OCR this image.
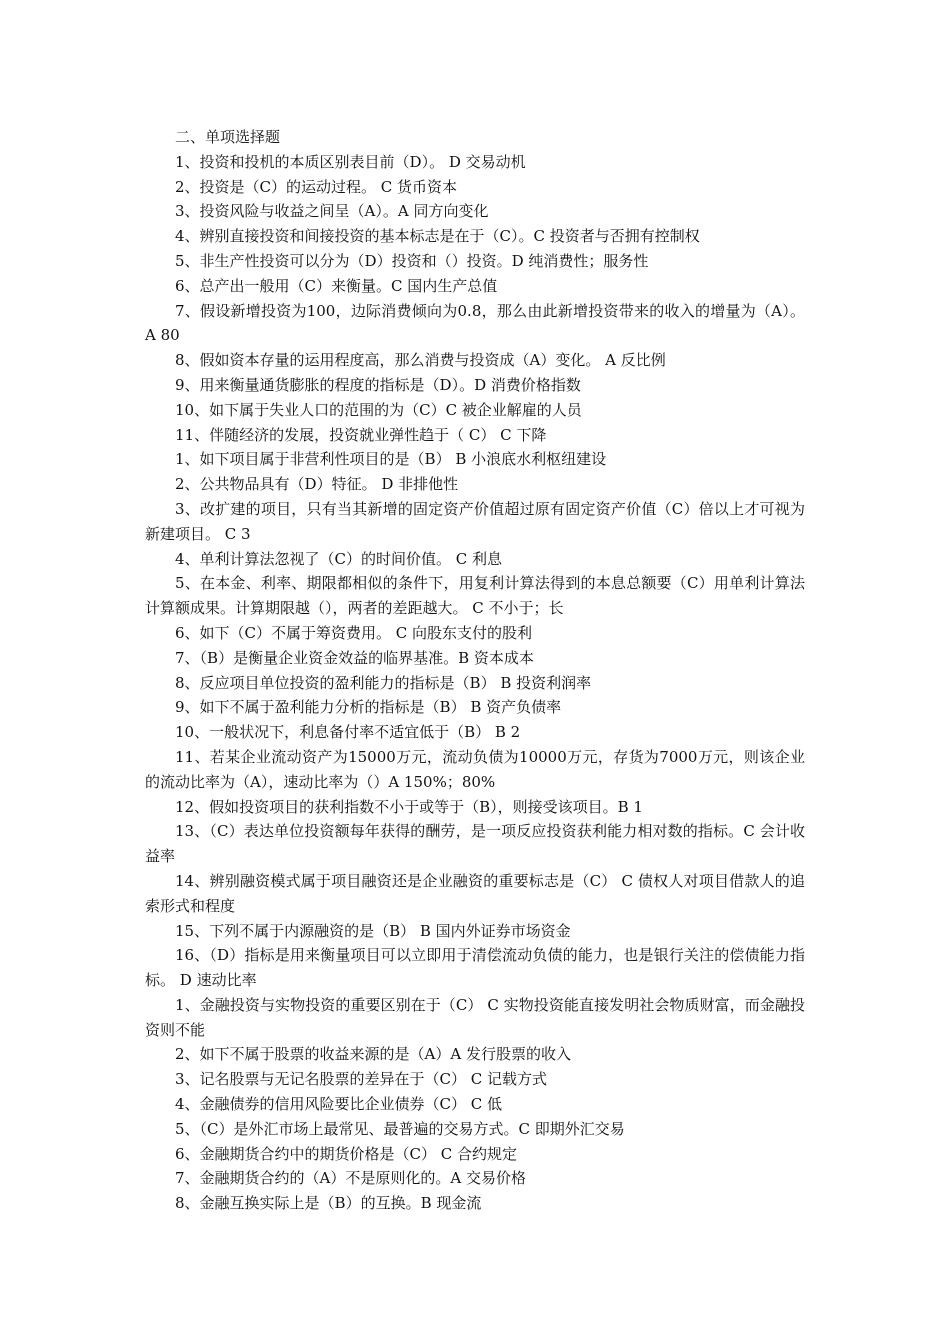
二、单项选择题

1、投资和投机的本质区别表目前（D）。 D 交易动机

2、投资是（C）的运动过程。 C 货币资本

3、投资风险与收益之间呈（A）。A 同方向变化

4、辨别直接投资和间接投资的基本标志是在于（C）。C 投资者与否拥有控制权

5、非生产性投资可以分为（D）投资和（）投资。D 纯消费性；服务性

6、总产出一般用（C）来衡量。C 国内生产总值

7、假设新增投资为100，边际消费倾向为0.8，那么由此新增投资带来的收入的增量为（A）。 A 80

8、假如资本存量的运用程度高，那么消费与投资成（A）变化。 A 反比例

9、用来衡量通货膨胀的程度的指标是（D）。D 消费价格指数

10、如下属于失业人口的范围的为（C）C 被企业解雇的人员

11、伴随经济的发展，投资就业弹性趋于（ C） C 下降

1、如下项目属于非营利性项目的是（B） B 小浪底水利枢纽建设

2、公共物品具有（D）特征。 D 非排他性

3、改扩建的项目，只有当其新增的固定资产价值超过原有固定资产价值（C）倍以上才可视为新建项目。 C 3

4、单利计算法忽视了（C）的时间价值。 C 利息

5、在本金、利率、期限都相似的条件下，用复利计算法得到的本息总额要（C）用单利计算法计算额成果。计算期限越（），两者的差距越大。 C 不小于；长

6、如下（C）不属于筹资费用。 C 向股东支付的股利

7、（B）是衡量企业资金效益的临界基准。B 资本成本

8、反应项目单位投资的盈利能力的指标是（B） B 投资利润率

9、如下不属于盈利能力分析的指标是（B） B 资产负债率

10、一般状况下，利息备付率不适宜低于（B） B 2

11、若某企业流动资产为15000万元，流动负债为10000万元，存货为7000万元，则该企业的流动比率为（A），速动比率为（）A 150%；80%

12、假如投资项目的获利指数不小于或等于（B），则接受该项目。B 1

13、（C）表达单位投资额每年获得的酬劳，是一项反应投资获利能力相对数的指标。C 会计收益率

14、辨别融资模式属于项目融资还是企业融资的重要标志是（C） C 债权人对项目借款人的追索形式和程度

15、下列不属于内源融资的是（B） B 国内外证券市场资金

16、（D）指标是用来衡量项目可以立即用于清偿流动负债的能力，也是银行关注的偿债能力指标。 D 速动比率

1、金融投资与实物投资的重要区别在于（C） C 实物投资能直接发明社会物质财富，而金融投资则不能

2、如下不属于股票的收益来源的是（A）A 发行股票的收入

3、记名股票与无记名股票的差异在于（C） C 记载方式

4、金融债券的信用风险要比企业债券（C） C 低

5、（C）是外汇市场上最常见、最普遍的交易方式。C 即期外汇交易

6、金融期货合约中的期货价格是（C） C 合约规定

7、金融期货合约的（A）不是原则化的。A 交易价格

8、金融互换实际上是（B）的互换。B 现金流
